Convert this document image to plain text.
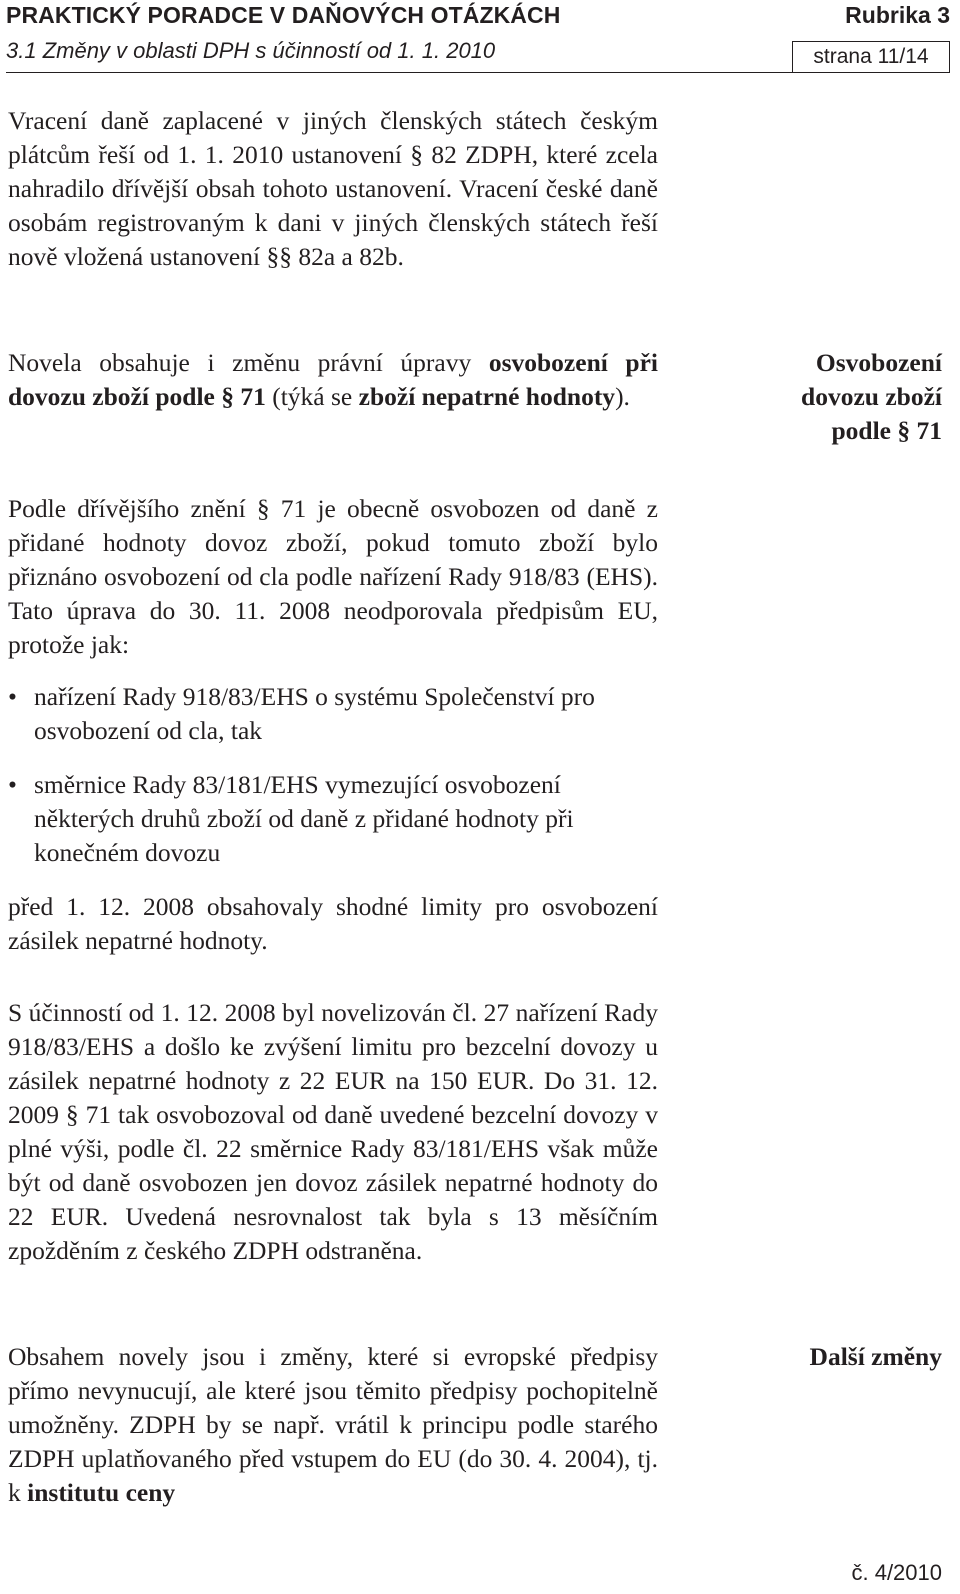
PRAKTICKÝ PORADCE V DAŇOVÝCH OTÁZKÁCH	Rubrika 3
3.1 Změny v oblasti DPH s účinností od 1. 1. 2010	strana 11/14

Vracení daně zaplacené v jiných členských státech českým plátcům řeší od 1. 1. 2010 ustanovení § 82 ZDPH, které zcela nahradilo dřívější obsah tohoto ustanovení. Vracení české daně osobám registrovaným k dani v jiných členských státech řeší nově vložená ustanovení §§ 82a a 82b.

Novela obsahuje i změnu právní úpravy osvobození při dovozu zboží podle § 71 (týká se zboží nepatrné hodnoty).

Osvobození
dovozu zboží
podle § 71

Podle dřívějšího znění § 71 je obecně osvobozen od daně z přidané hodnoty dovoz zboží, pokud tomuto zboží bylo přiznáno osvobození od cla podle nařízení Rady 918/83 (EHS). Tato úprava do 30. 11. 2008 neodporovala předpisům EU, protože jak:

• nařízení Rady 918/83/EHS o systému Společenství pro osvobození od cla, tak
• směrnice Rady 83/181/EHS vymezující osvobození některých druhů zboží od daně z přidané hodnoty při konečném dovozu

před 1. 12. 2008 obsahovaly shodné limity pro osvobození zásilek nepatrné hodnoty.

S účinností od 1. 12. 2008 byl novelizován čl. 27 nařízení Rady 918/83/EHS a došlo ke zvýšení limitu pro bezcelní dovozy u zásilek nepatrné hodnoty z 22 EUR na 150 EUR. Do 31. 12. 2009 § 71 tak osvobozoval od daně uvedené bezcelní dovozy v plné výši, podle čl. 22 směrnice Rady 83/181/EHS však může být od daně osvobozen jen dovoz zásilek nepatrné hodnoty do 22 EUR. Uvedená nesrovnalost tak byla s 13 měsíčním zpožděním z českého ZDPH odstraněna.

Obsahem novely jsou i změny, které si evropské předpisy přímo nevynucují, ale které jsou těmito předpisy pochopitelně umožněny. ZDPH by se např. vrátil k principu podle starého ZDPH uplatňovaného před vstupem do EU (do 30. 4. 2004), tj. k institutu ceny

Další změny
č. 4/2010
